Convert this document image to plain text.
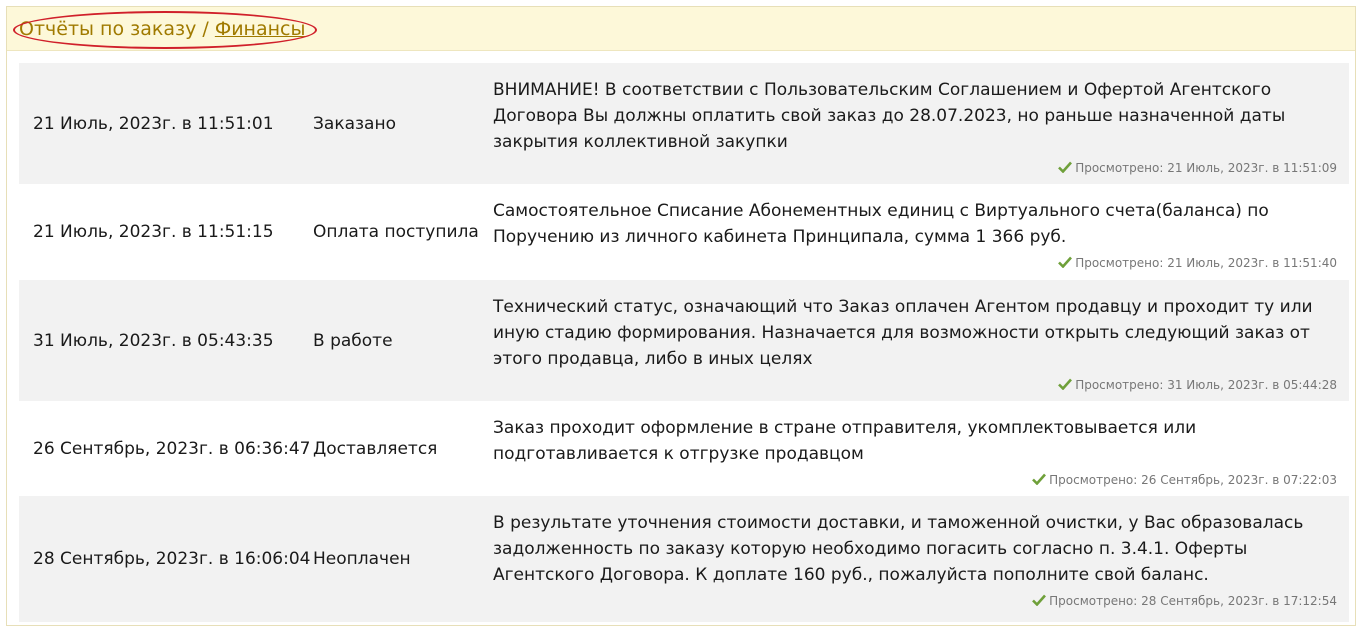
Отчёты по заказу / Финансы
21 Июль, 2023г. в 11:51:01	Заказано
ВНИМАНИЕ! В соответствии с Пользовательским Соглашением и Офертой Агентского Договора Вы должны оплатить свой заказ до 28.07.2023, но раньше назначенной даты закрытия коллективной закупки
Просмотрено: 21 Июль, 2023г. в 11:51:09
21 Июль, 2023г. в 11:51:15	Оплата поступила
Самостоятельное Списание Абонементных единиц с Виртуального счета(баланса) по Поручению из личного кабинета Принципала, сумма 1 366 руб.
Просмотрено: 21 Июль, 2023г. в 11:51:40
31 Июль, 2023г. в 05:43:35	В работе
Технический статус, означающий что Заказ оплачен Агентом продавцу и проходит ту или иную стадию формирования. Назначается для возможности открыть следующий заказ от этого продавца, либо в иных целях
Просмотрено: 31 Июль, 2023г. в 05:44:28
26 Сентябрь, 2023г. в 06:36:47 Доставляется
Заказ проходит оформление в стране отправителя, укомплектовывается или подготавливается к отгрузке продавцом
Просмотрено: 26 Сентябрь, 2023г. в 07:22:03
28 Сентябрь, 2023г. в 16:06:04 Неоплачен
В результате уточнения стоимости доставки, и таможенной очистки, у Вас образовалась задолженность по заказу которую необходимо погасить согласно п. 3.4.1. Оферты Агентского Договора. К доплате 160 руб., пожалуйста пополните свой баланс.
Просмотрено: 28 Сентябрь, 2023г. в 17:12:54
